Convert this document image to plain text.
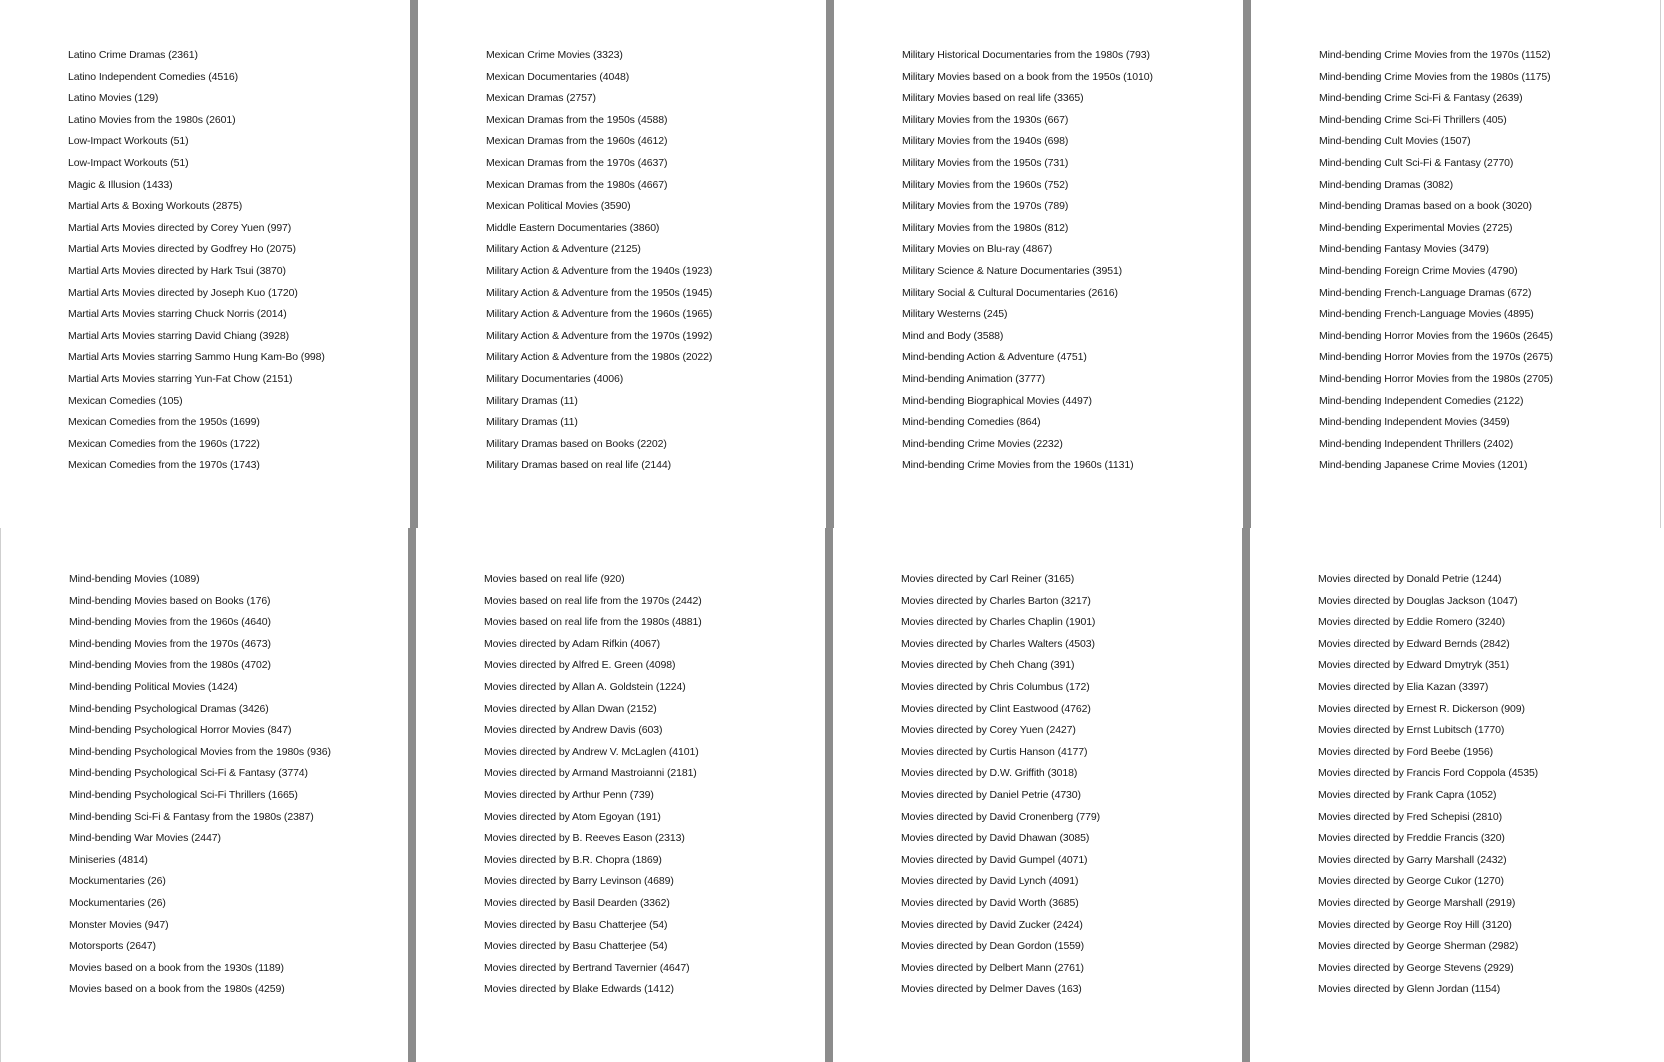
Latino Crime Dramas (2361)
Latino Independent Comedies (4516)
Latino Movies (129)
Latino Movies from the 1980s (2601)
Low-Impact Workouts (51)
Low-Impact Workouts (51)
Magic & Illusion (1433)
Martial Arts & Boxing Workouts (2875)
Martial Arts Movies directed by Corey Yuen (997)
Martial Arts Movies directed by Godfrey Ho (2075)
Martial Arts Movies directed by Hark Tsui (3870)
Martial Arts Movies directed by Joseph Kuo (1720)
Martial Arts Movies starring Chuck Norris (2014)
Martial Arts Movies starring David Chiang (3928)
Martial Arts Movies starring Sammo Hung Kam-Bo (998)
Martial Arts Movies starring Yun-Fat Chow (2151)
Mexican Comedies (105)
Mexican Comedies from the 1950s (1699)
Mexican Comedies from the 1960s (1722)
Mexican Comedies from the 1970s (1743)
Mexican Crime Movies (3323)
Mexican Documentaries (4048)
Mexican Dramas (2757)
Mexican Dramas from the 1950s (4588)
Mexican Dramas from the 1960s (4612)
Mexican Dramas from the 1970s (4637)
Mexican Dramas from the 1980s (4667)
Mexican Political Movies (3590)
Middle Eastern Documentaries (3860)
Military Action & Adventure (2125)
Military Action & Adventure from the 1940s (1923)
Military Action & Adventure from the 1950s (1945)
Military Action & Adventure from the 1960s (1965)
Military Action & Adventure from the 1970s (1992)
Military Action & Adventure from the 1980s (2022)
Military Documentaries (4006)
Military Dramas (11)
Military Dramas (11)
Military Dramas based on Books (2202)
Military Dramas based on real life (2144)
Military Historical Documentaries from the 1980s (793)
Military Movies based on a book from the 1950s (1010)
Military Movies based on real life (3365)
Military Movies from the 1930s (667)
Military Movies from the 1940s (698)
Military Movies from the 1950s (731)
Military Movies from the 1960s (752)
Military Movies from the 1970s (789)
Military Movies from the 1980s (812)
Military Movies on Blu-ray (4867)
Military Science & Nature Documentaries (3951)
Military Social & Cultural Documentaries (2616)
Military Westerns (245)
Mind and Body (3588)
Mind-bending Action & Adventure (4751)
Mind-bending Animation (3777)
Mind-bending Biographical Movies (4497)
Mind-bending Comedies (864)
Mind-bending Crime Movies (2232)
Mind-bending Crime Movies from the 1960s (1131)
Mind-bending Crime Movies from the 1970s (1152)
Mind-bending Crime Movies from the 1980s (1175)
Mind-bending Crime Sci-Fi & Fantasy (2639)
Mind-bending Crime Sci-Fi Thrillers (405)
Mind-bending Cult Movies (1507)
Mind-bending Cult Sci-Fi & Fantasy (2770)
Mind-bending Dramas (3082)
Mind-bending Dramas based on a book (3020)
Mind-bending Experimental Movies (2725)
Mind-bending Fantasy Movies (3479)
Mind-bending Foreign Crime Movies (4790)
Mind-bending French-Language Dramas (672)
Mind-bending French-Language Movies (4895)
Mind-bending Horror Movies from the 1960s (2645)
Mind-bending Horror Movies from the 1970s (2675)
Mind-bending Horror Movies from the 1980s (2705)
Mind-bending Independent Comedies (2122)
Mind-bending Independent Movies (3459)
Mind-bending Independent Thrillers (2402)
Mind-bending Japanese Crime Movies (1201)
Mind-bending Movies (1089)
Mind-bending Movies based on Books (176)
Mind-bending Movies from the 1960s (4640)
Mind-bending Movies from the 1970s (4673)
Mind-bending Movies from the 1980s (4702)
Mind-bending Political Movies (1424)
Mind-bending Psychological Dramas (3426)
Mind-bending Psychological Horror Movies (847)
Mind-bending Psychological Movies from the 1980s (936)
Mind-bending Psychological Sci-Fi & Fantasy (3774)
Mind-bending Psychological Sci-Fi Thrillers (1665)
Mind-bending Sci-Fi & Fantasy from the 1980s (2387)
Mind-bending War Movies (2447)
Miniseries (4814)
Mockumentaries (26)
Mockumentaries (26)
Monster Movies (947)
Motorsports (2647)
Movies based on a book from the 1930s (1189)
Movies based on a book from the 1980s (4259)
Movies based on real life (920)
Movies based on real life from the 1970s (2442)
Movies based on real life from the 1980s (4881)
Movies directed by Adam Rifkin (4067)
Movies directed by Alfred E. Green (4098)
Movies directed by Allan A. Goldstein (1224)
Movies directed by Allan Dwan (2152)
Movies directed by Andrew Davis (603)
Movies directed by Andrew V. McLaglen (4101)
Movies directed by Armand Mastroianni (2181)
Movies directed by Arthur Penn (739)
Movies directed by Atom Egoyan (191)
Movies directed by B. Reeves Eason (2313)
Movies directed by B.R. Chopra (1869)
Movies directed by Barry Levinson (4689)
Movies directed by Basil Dearden (3362)
Movies directed by Basu Chatterjee (54)
Movies directed by Basu Chatterjee (54)
Movies directed by Bertrand Tavernier (4647)
Movies directed by Blake Edwards (1412)
Movies directed by Carl Reiner (3165)
Movies directed by Charles Barton (3217)
Movies directed by Charles Chaplin (1901)
Movies directed by Charles Walters (4503)
Movies directed by Cheh Chang (391)
Movies directed by Chris Columbus (172)
Movies directed by Clint Eastwood (4762)
Movies directed by Corey Yuen (2427)
Movies directed by Curtis Hanson (4177)
Movies directed by D.W. Griffith (3018)
Movies directed by Daniel Petrie (4730)
Movies directed by David Cronenberg (779)
Movies directed by David Dhawan (3085)
Movies directed by David Gumpel (4071)
Movies directed by David Lynch (4091)
Movies directed by David Worth (3685)
Movies directed by David Zucker (2424)
Movies directed by Dean Gordon (1559)
Movies directed by Delbert Mann (2761)
Movies directed by Delmer Daves (163)
Movies directed by Donald Petrie (1244)
Movies directed by Douglas Jackson (1047)
Movies directed by Eddie Romero (3240)
Movies directed by Edward Bernds (2842)
Movies directed by Edward Dmytryk (351)
Movies directed by Elia Kazan (3397)
Movies directed by Ernest R. Dickerson (909)
Movies directed by Ernst Lubitsch (1770)
Movies directed by Ford Beebe (1956)
Movies directed by Francis Ford Coppola (4535)
Movies directed by Frank Capra (1052)
Movies directed by Fred Schepisi (2810)
Movies directed by Freddie Francis (320)
Movies directed by Garry Marshall (2432)
Movies directed by George Cukor (1270)
Movies directed by George Marshall (2919)
Movies directed by George Roy Hill (3120)
Movies directed by George Sherman (2982)
Movies directed by George Stevens (2929)
Movies directed by Glenn Jordan (1154)
